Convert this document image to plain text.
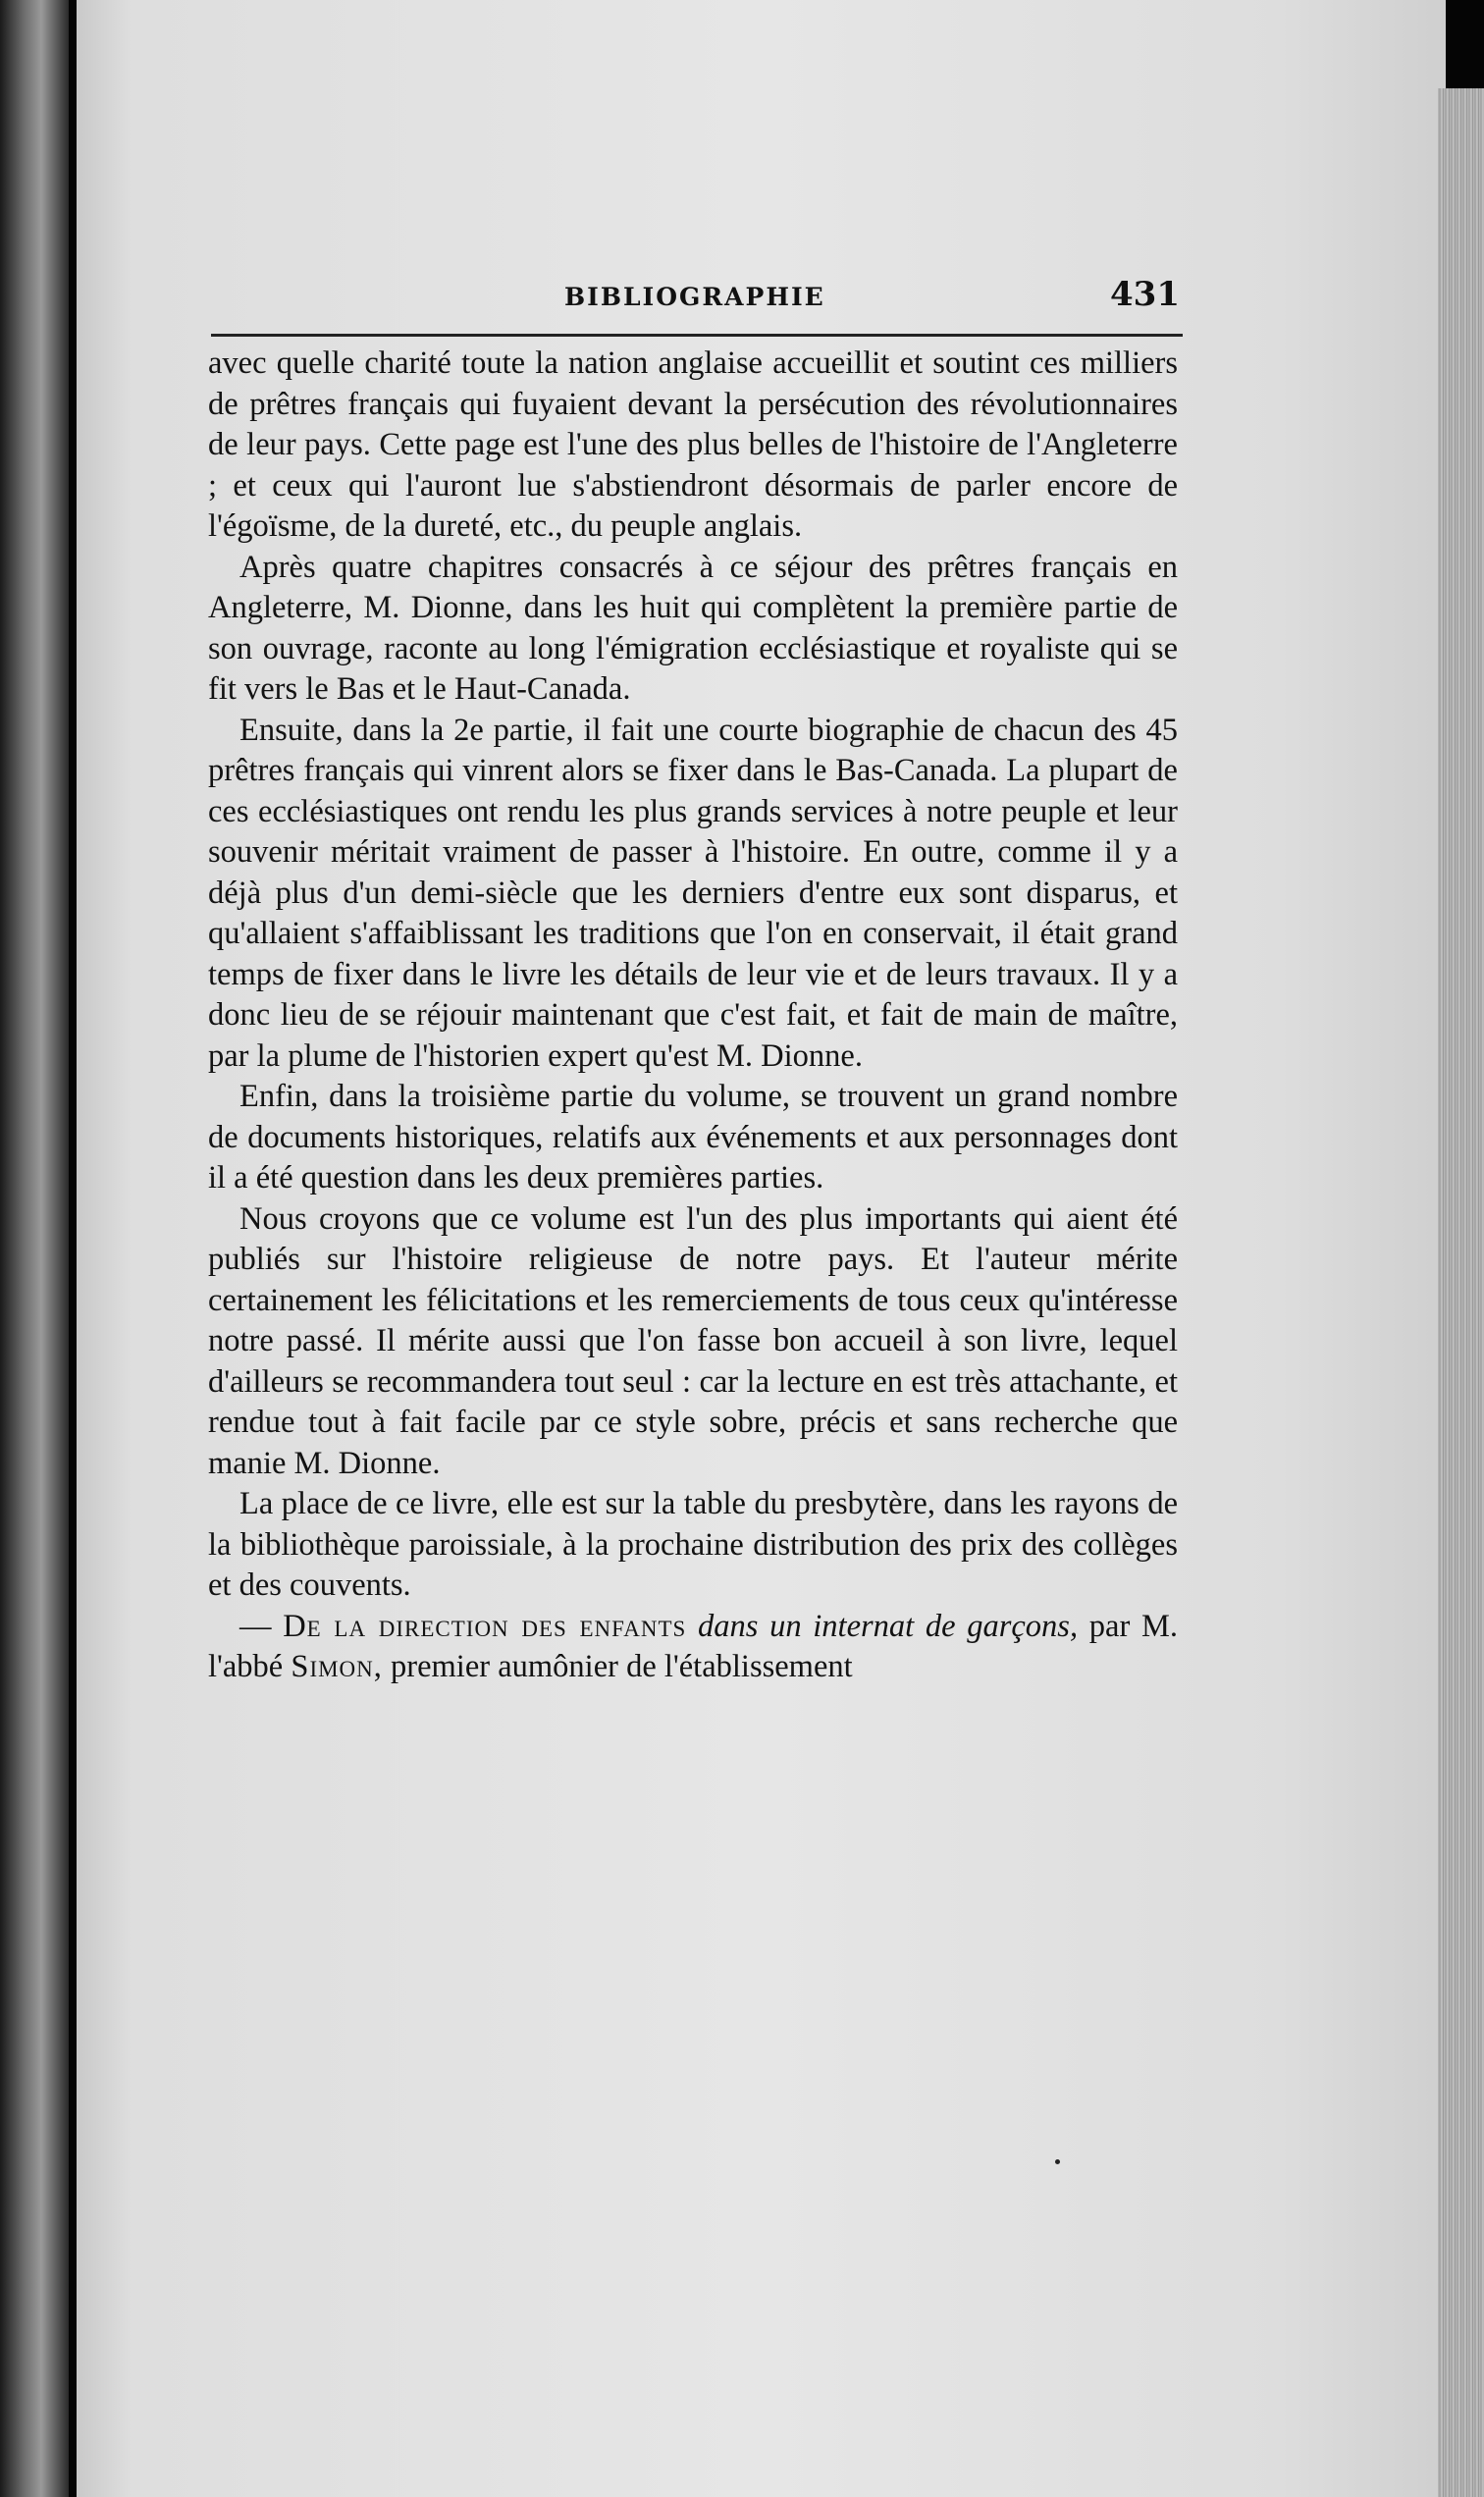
BIBLIOGRAPHIE	431

avec quelle charité toute la nation anglaise accueillit et soutint ces milliers de prêtres français qui fuyaient devant la persécution des révolutionnaires de leur pays. Cette page est l'une des plus belles de l'histoire de l'Angleterre ; et ceux qui l'auront lue s'abstiendront désormais de parler encore de l'égoïsme, de la dureté, etc., du peuple anglais.

Après quatre chapitres consacrés à ce séjour des prêtres français en Angleterre, M. Dionne, dans les huit qui complètent la première partie de son ouvrage, raconte au long l'émigration ecclésiastique et royaliste qui se fit vers le Bas et le Haut-Canada.

Ensuite, dans la 2e partie, il fait une courte biographie de chacun des 45 prêtres français qui vinrent alors se fixer dans le Bas-Canada. La plupart de ces ecclésiastiques ont rendu les plus grands services à notre peuple et leur souvenir méritait vraiment de passer à l'histoire. En outre, comme il y a déjà plus d'un demi-siècle que les derniers d'entre eux sont disparus, et qu'allaient s'affaiblissant les traditions que l'on en conservait, il était grand temps de fixer dans le livre les détails de leur vie et de leurs travaux. Il y a donc lieu de se réjouir maintenant que c'est fait, et fait de main de maître, par la plume de l'historien expert qu'est M. Dionne.

Enfin, dans la troisième partie du volume, se trouvent un grand nombre de documents historiques, relatifs aux événements et aux personnages dont il a été question dans les deux premières parties.

Nous croyons que ce volume est l'un des plus importants qui aient été publiés sur l'histoire religieuse de notre pays. Et l'auteur mérite certainement les félicitations et les remerciements de tous ceux qu'intéresse notre passé. Il mérite aussi que l'on fasse bon accueil à son livre, lequel d'ailleurs se recommandera tout seul : car la lecture en est très attachante, et rendue tout à fait facile par ce style sobre, précis et sans recherche que manie M. Dionne.

La place de ce livre, elle est sur la table du presbytère, dans les rayons de la bibliothèque paroissiale, à la prochaine distribution des prix des collèges et des couvents.

— De la direction des enfants dans un internat de garçons, par M. l'abbé Simon, premier aumônier de l'établissement
